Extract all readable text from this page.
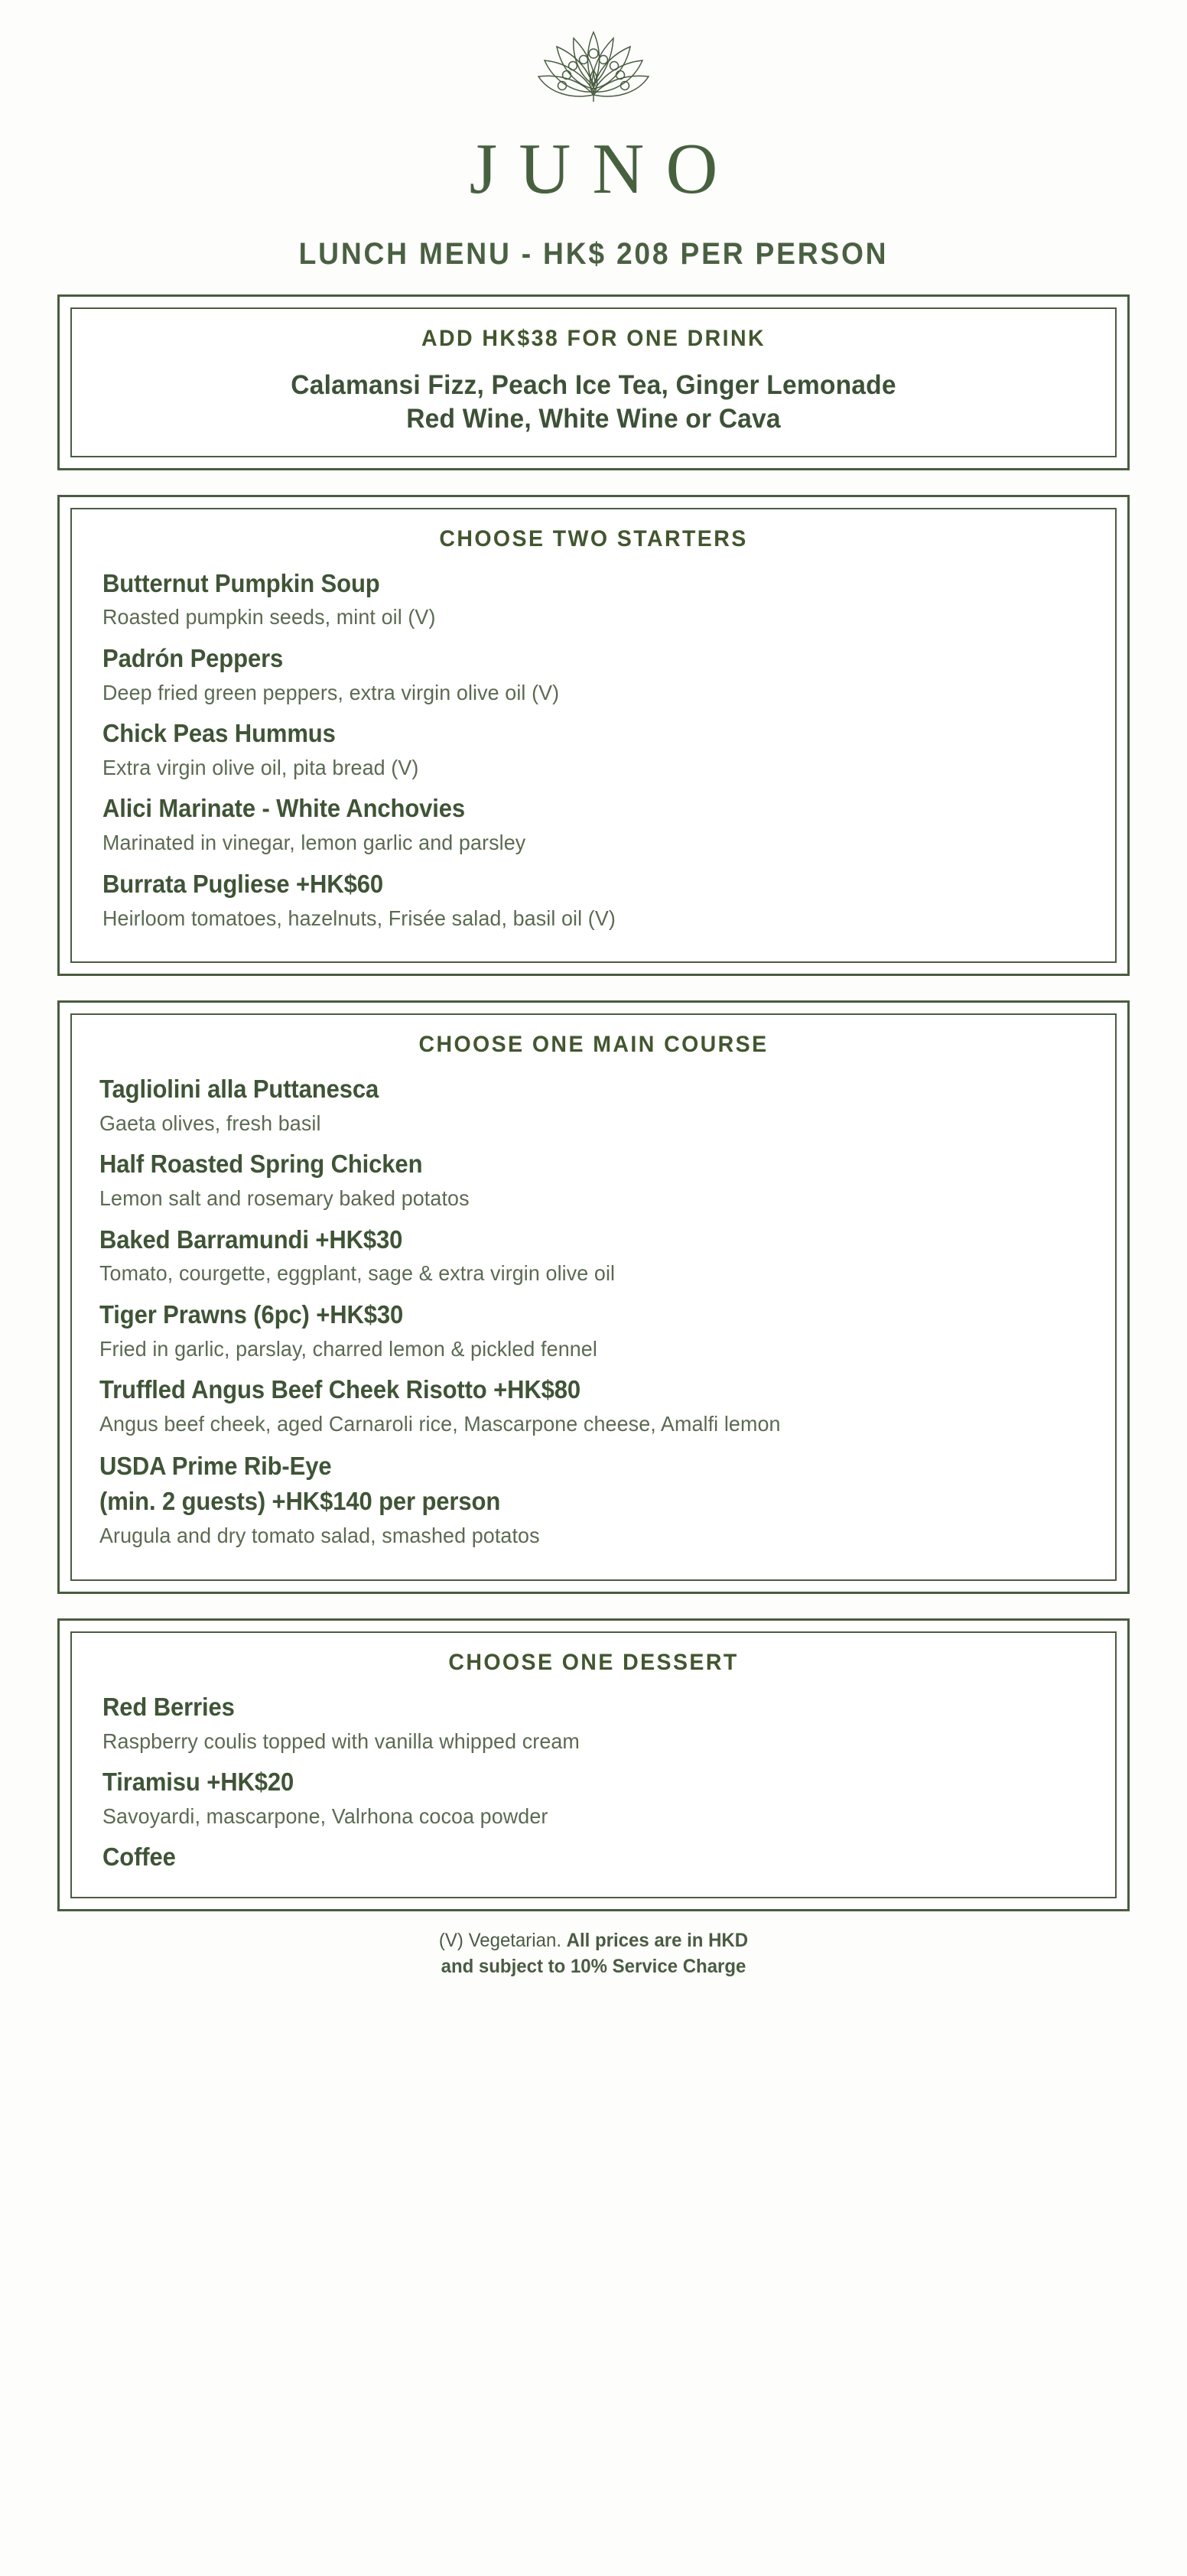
JUNO
LUNCH MENU - HK$ 208 PER PERSON
ADD HK$38 FOR ONE DRINK
Calamansi Fizz, Peach Ice Tea, Ginger Lemonade
Red Wine, White Wine or Cava
CHOOSE TWO STARTERS
Butternut Pumpkin Soup
Roasted pumpkin seeds, mint oil (V)
Padrón Peppers
Deep fried green peppers, extra virgin olive oil (V)
Chick Peas Hummus
Extra virgin olive oil, pita bread (V)
Alici Marinate - White Anchovies
Marinated in vinegar, lemon garlic and parsley
Burrata Pugliese +HK$60
Heirloom tomatoes, hazelnuts, Frisée salad, basil oil (V)
CHOOSE ONE MAIN COURSE
Tagliolini alla Puttanesca
Gaeta olives, fresh basil
Half Roasted Spring Chicken
Lemon salt and rosemary baked potatos
Baked Barramundi +HK$30
Tomato, courgette, eggplant, sage & extra virgin olive oil
Tiger Prawns (6pc) +HK$30
Fried in garlic, parslay, charred lemon & pickled fennel
Truffled Angus Beef Cheek Risotto +HK$80
Angus beef cheek, aged Carnaroli rice, Mascarpone cheese, Amalfi lemon
USDA Prime Rib-Eye
(min. 2 guests) +HK$140 per person
Arugula and dry tomato salad, smashed potatos
CHOOSE ONE DESSERT
Red Berries
Raspberry coulis topped with vanilla whipped cream
Tiramisu +HK$20
Savoyardi, mascarpone, Valrhona cocoa powder
Coffee
(V) Vegetarian. All prices are in HKD
and subject to 10% Service Charge
